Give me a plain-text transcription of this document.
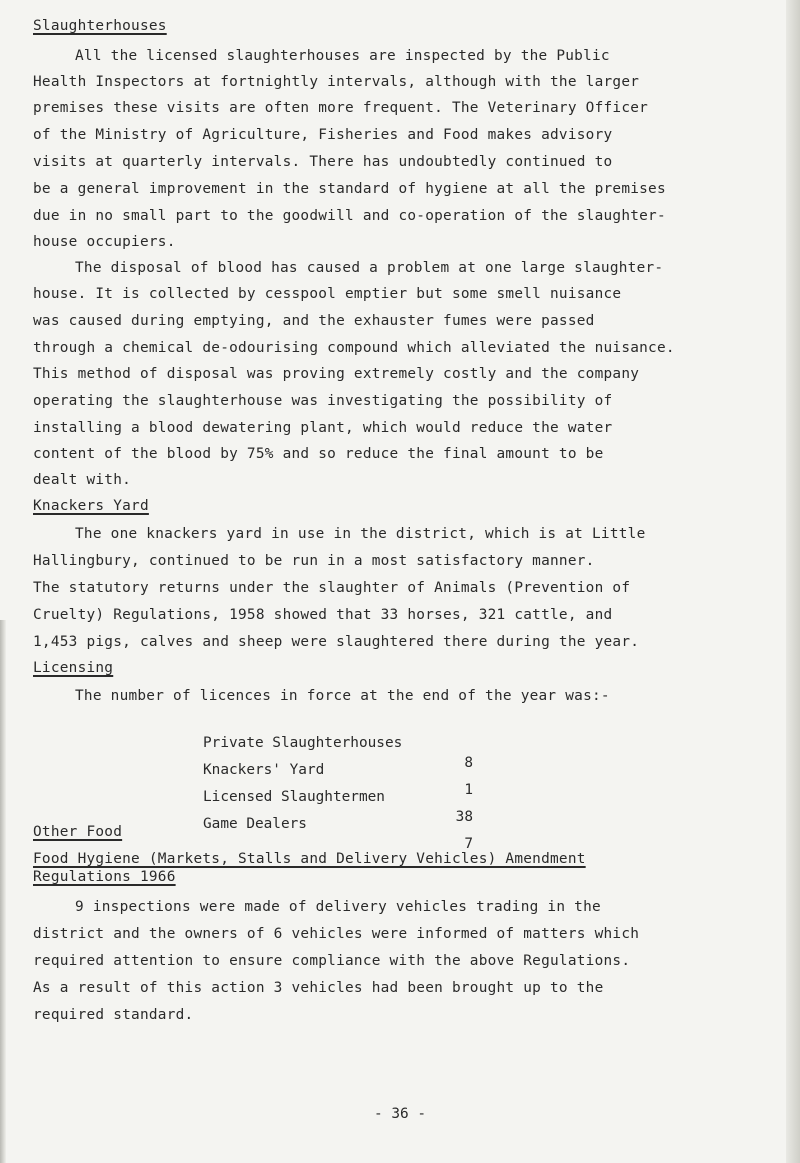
Slaughterhouses
All the licensed slaughterhouses are inspected by the Public
Health Inspectors at fortnightly intervals, although with the larger
premises these visits are often more frequent. The Veterinary Officer
of the Ministry of Agriculture, Fisheries and Food makes advisory
visits at quarterly intervals. There has undoubtedly continued to
be a general improvement in the standard of hygiene at all the premises
due in no small part to the goodwill and co-operation of the slaughter-
house occupiers.
The disposal of blood has caused a problem at one large slaughter-
house. It is collected by cesspool emptier but some smell nuisance
was caused during emptying, and the exhauster fumes were passed
through a chemical de-odourising compound which alleviated the nuisance.
This method of disposal was proving extremely costly and the company
operating the slaughterhouse was investigating the possibility of
installing a blood dewatering plant, which would reduce the water
content of the blood by 75% and so reduce the final amount to be
dealt with.
Knackers Yard
The one knackers yard in use in the district, which is at Little
Hallingbury, continued to be run in a most satisfactory manner.
The statutory returns under the slaughter of Animals (Prevention of
Cruelty) Regulations, 1958 showed that 33 horses, 321 cattle, and
1,453 pigs, calves and sheep were slaughtered there during the year.
Licensing
The number of licences in force at the end of the year was:-

Private Slaughterhouses

8

Knackers' Yard

1

Licensed Slaughtermen

38

Game Dealers

7

Other Food
Food Hygiene (Markets, Stalls and Delivery Vehicles) Amendment
Regulations 1966
9 inspections were made of delivery vehicles trading in the
district and the owners of 6 vehicles were informed of matters which
required attention to ensure compliance with the above Regulations.
As a result of this action 3 vehicles had been brought up to the
required standard.
- 36 -
